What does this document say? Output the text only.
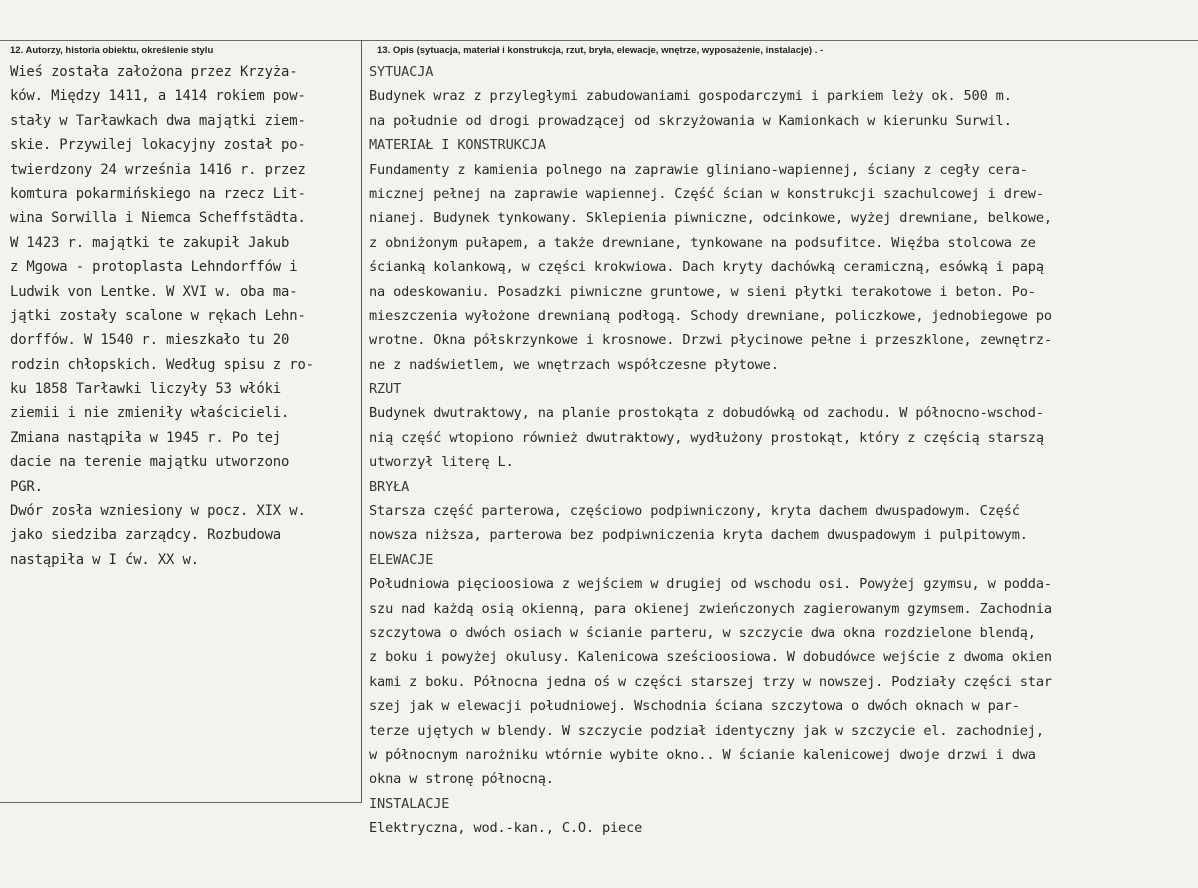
12. Autorzy, historia obiektu, określenie stylu	13. Opis (sytuacja, materiał i konstrukcja, rzut, bryła, elewacje, wnętrze, wyposażenie, instalacje) . -
Wieś została założona przez Krzyża-
ków. Między 1411, a 1414 rokiem pow-
stały w Tarławkach dwa majątki ziem-
skie. Przywilej lokacyjny został po-
twierdzony 24 września 1416 r. przez
komtura pokarmińskiego na rzecz Lit-
wina Sorwilla i Niemca Scheffstädta.
W 1423 r. majątki te zakupił Jakub
z Mgowa - protoplasta Lehndorffów i
Ludwik von Lentke. W XVI w. oba ma-
jątki zostały scalone w rękach Lehn-
dorffów. W 1540 r. mieszkało tu 20
rodzin chłopskich. Według spisu z ro-
ku 1858 Tarławki liczyły 53 włóki
ziemii i nie zmieniły właścicieli.
Zmiana nastąpiła w 1945 r. Po tej
dacie na terenie majątku utworzono
PGR.
Dwór zosła wzniesiony w pocz. XIX w.
jako siedziba zarządcy. Rozbudowa
nastąpiła w I ćw. XX w.
SYTUACJA
Budynek wraz z przyległymi zabudowaniami gospodarczymi i parkiem leży ok. 500 m.
na południe od drogi prowadzącej od skrzyżowania w Kamionkach w kierunku Surwil.
MATERIAŁ I KONSTRUKCJA
Fundamenty z kamienia polnego na zaprawie gliniano-wapiennej, ściany z cegły cera-
micznej pełnej na zaprawie wapiennej. Część ścian w konstrukcji szachulcowej i drew-
nianej. Budynek tynkowany. Sklepienia piwniczne, odcinkowe, wyżej drewniane, belkowe,
z obniżonym pułapem, a także drewniane, tynkowane na podsufitce. Więźba stolcowa ze
ścianką kolankową, w części krokwiowa. Dach kryty dachówką ceramiczną, esówką i papą
na odeskowaniu. Posadzki piwniczne gruntowe, w sieni płytki terakotowe i beton. Po-
mieszczenia wyłożone drewnianą podłogą. Schody drewniane, policzkowe, jednobiegowe po
wrotne. Okna półskrzynkowe i krosnowe. Drzwi płycinowe pełne i przeszklone, zewnętrz-
ne z nadświetlem, we wnętrzach współczesne płytowe.
RZUT
Budynek dwutraktowy, na planie prostokąta z dobudówką od zachodu. W północno-wschod-
nią część wtopiono również dwutraktowy, wydłużony prostokąt, który z częścią starszą
utworzył literę L.
BRYŁA
Starsza część parterowa, częściowo podpiwniczony, kryta dachem dwuspadowym. Część
nowsza niższa, parterowa bez podpiwniczenia kryta dachem dwuspadowym i pulpitowym.
ELEWACJE
Południowa pięcioosiowa z wejściem w drugiej od wschodu osi. Powyżej gzymsu, w podda-
szu nad każdą osią okienną, para okienej zwieńczonych zagierowanym gzymsem. Zachodnia
szczytowa o dwóch osiach w ścianie parteru, w szczycie dwa okna rozdzielone blendą,
z boku i powyżej okulusy. Kalenicowa sześcioosiowa. W dobudówce wejście z dwoma okien
kami z boku. Północna jedna oś w części starszej trzy w nowszej. Podziały części star
szej jak w elewacji południowej. Wschodnia ściana szczytowa o dwóch oknach w par-
terze ujętych w blendy. W szczycie podział identyczny jak w szczycie el. zachodniej,
w północnym narożniku wtórnie wybite okno.. W ścianie kalenicowej dwoje drzwi i dwa
okna w stronę północną.
INSTALACJE
Elektryczna, wod.-kan., C.O. piece
